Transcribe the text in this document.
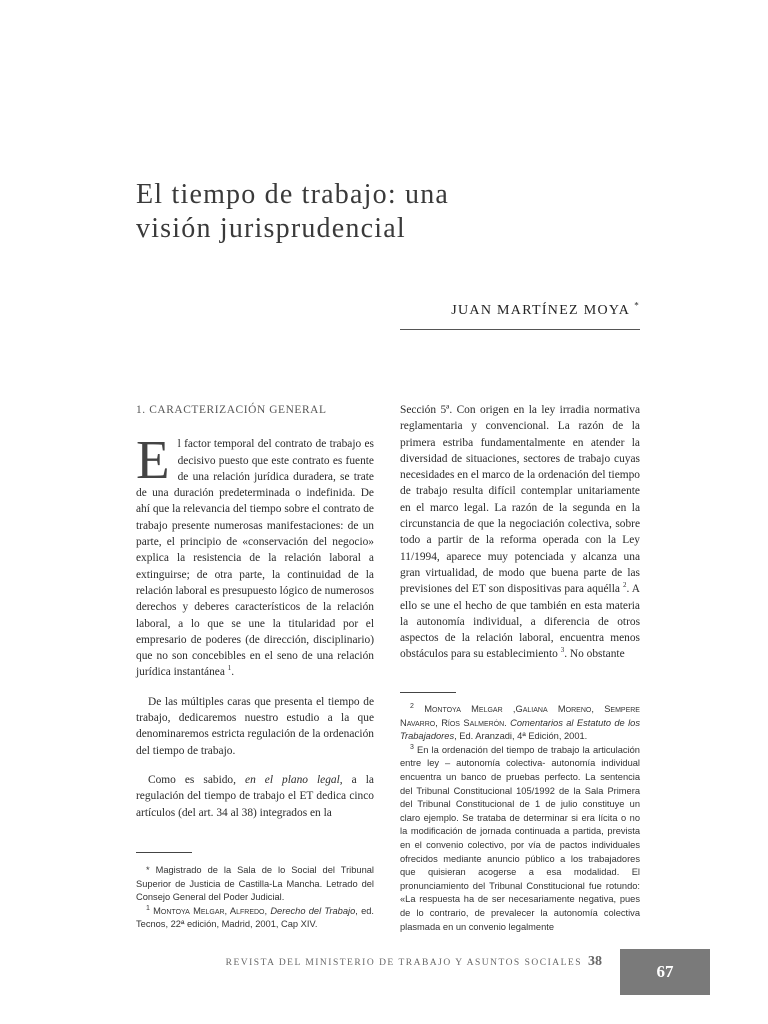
El tiempo de trabajo: una
visión jurisprudencial
JUAN MARTÍNEZ MOYA *
1. CARACTERIZACIÓN GENERAL

El factor temporal del contrato de trabajo es decisivo puesto que este contrato es fuente de una relación jurídica duradera, se trate de una duración predeterminada o indefinida. De ahí que la relevancia del tiempo sobre el contrato de trabajo presente numerosas manifestaciones: de un parte, el principio de «conservación del negocio» explica la resistencia de la relación laboral a extinguirse; de otra parte, la continuidad de la relación laboral es presupuesto lógico de numerosos derechos y deberes característicos de la relación laboral, a lo que se une la titularidad por el empresario de poderes (de dirección, disciplinario) que no son concebibles en el seno de una relación jurídica instantánea $^1$.

De las múltiples caras que presenta el tiempo de trabajo, dedicaremos nuestro estudio a la que denominaremos estricta regulación de la ordenación del tiempo de trabajo.

Como es sabido, en el plano legal, a la regulación del tiempo de trabajo el ET dedica cinco artículos (del art. 34 al 38) integrados en la

Sección 5ª. Con origen en la ley irradia normativa reglamentaria y convencional. La razón de la primera estriba fundamentalmente en atender la diversidad de situaciones, sectores de trabajo cuyas necesidades en el marco de la ordenación del tiempo de trabajo resulta difícil contemplar unitariamente en el marco legal. La razón de la segunda en la circunstancia de que la negociación colectiva, sobre todo a partir de la reforma operada con la Ley 11/1994, aparece muy potenciada y alcanza una gran virtualidad, de modo que buena parte de las previsiones del ET son dispositivas para aquélla $^2$. A ello se une el hecho de que también en esta materia la autonomía individual, a diferencia de otros aspectos de la relación laboral, encuentra menos obstáculos para su establecimiento $^3$. No obstante

* Magistrado de la Sala de lo Social del Tribunal Superior de Justicia de Castilla-La Mancha. Letrado del Consejo General del Poder Judicial.

$^1$ Montoya Melgar, Alfredo, Derecho del Trabajo, ed. Tecnos, 22ª edición, Madrid, 2001, Cap XIV.

$^2$ Montoya Melgar ,Galiana Moreno, Sempere Navarro, Ríos Salmerón. Comentarios al Estatuto de los Trabajadores, Ed. Aranzadi, 4ª Edición, 2001.

$^3$ En la ordenación del tiempo de trabajo la articulación entre ley – autonomía colectiva- autonomía individual encuentra un banco de pruebas perfecto. La sentencia del Tribunal Constitucional 105/1992 de la Sala Primera del Tribunal Constitucional de 1 de julio constituye un claro ejemplo. Se trataba de determinar si era lícita o no la modificación de jornada continuada a partida, prevista en el convenio colectivo, por vía de pactos individuales ofrecidos mediante anuncio público a los trabajadores que quisieran acogerse a esa modalidad. El pronunciamiento del Tribunal Constitucional fue rotundo: «La respuesta ha de ser necesariamente negativa, pues de lo contrario, de prevalecer la autonomía colectiva plasmada en un convenio legalmente

REVISTA DEL MINISTERIO DE TRABAJO Y ASUNTOS SOCIALES 38
67
